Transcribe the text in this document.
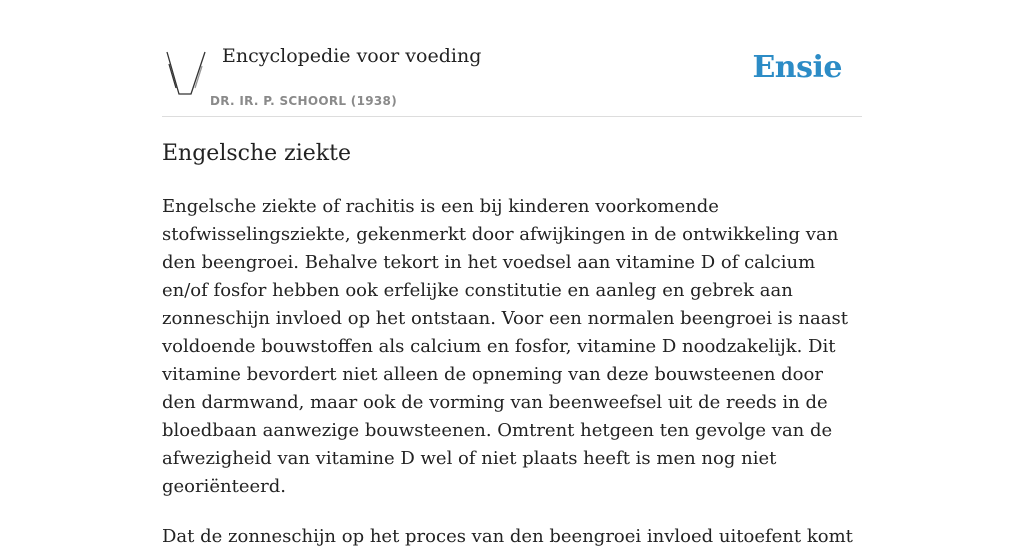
Encyclopedie voor voeding
DR. IR. P. SCHOORL (1938)
Ensie
Engelsche ziekte

Engelsche ziekte of rachitis is een bij kinderen voorkomende stofwisselingsziekte, gekenmerkt door afwijkingen in de ontwikkeling van den beengroei. Behalve tekort in het voedsel aan vitamine D of calcium en/of fosfor hebben ook erfelijke constitutie en aanleg en gebrek aan zonneschijn invloed op het ontstaan. Voor een normalen beengroei is naast voldoende bouwstoffen als calcium en fosfor, vitamine D noodzakelijk. Dit vitamine bevordert niet alleen de opneming van deze bouwsteenen door den darmwand, maar ook de vorming van beenweefsel uit de reeds in de bloedbaan aanwezige bouwsteenen. Omtrent hetgeen ten gevolge van de afwezigheid van vitamine D wel of niet plaats heeft is men nog niet georiënteerd.

Dat de zonneschijn op het proces van den beengroei invloed uitoefent komt
